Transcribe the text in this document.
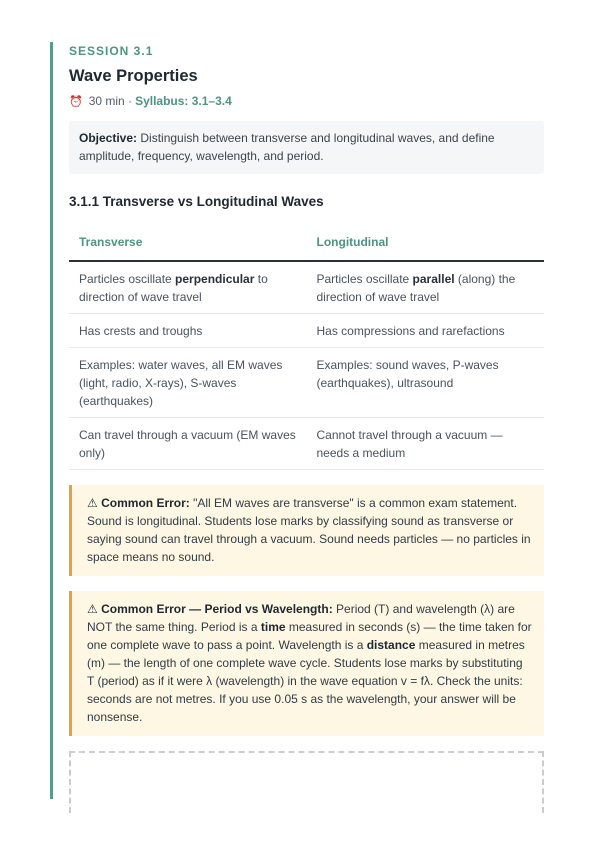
SESSION 3.1
Wave Properties
⏰ 30 min · Syllabus: 3.1–3.4
Objective: Distinguish between transverse and longitudinal waves, and define amplitude, frequency, wavelength, and period.
3.1.1 Transverse vs Longitudinal Waves
Transverse	Longitudinal
Particles oscillate perpendicular to direction of wave travel	Particles oscillate parallel (along) the direction of wave travel
Has crests and troughs	Has compressions and rarefactions
Examples: water waves, all EM waves (light, radio, X-rays), S-waves (earthquakes)	Examples: sound waves, P-waves (earthquakes), ultrasound
Can travel through a vacuum (EM waves only)	Cannot travel through a vacuum — needs a medium
⚠ Common Error: "All EM waves are transverse" is a common exam statement. Sound is longitudinal. Students lose marks by classifying sound as transverse or saying sound can travel through a vacuum. Sound needs particles — no particles in space means no sound.
⚠ Common Error — Period vs Wavelength: Period (T) and wavelength (λ) are NOT the same thing. Period is a time measured in seconds (s) — the time taken for one complete wave to pass a point. Wavelength is a distance measured in metres (m) — the length of one complete wave cycle. Students lose marks by substituting T (period) as if it were λ (wavelength) in the wave equation v = fλ. Check the units: seconds are not metres. If you use 0.05 s as the wavelength, your answer will be nonsense.
